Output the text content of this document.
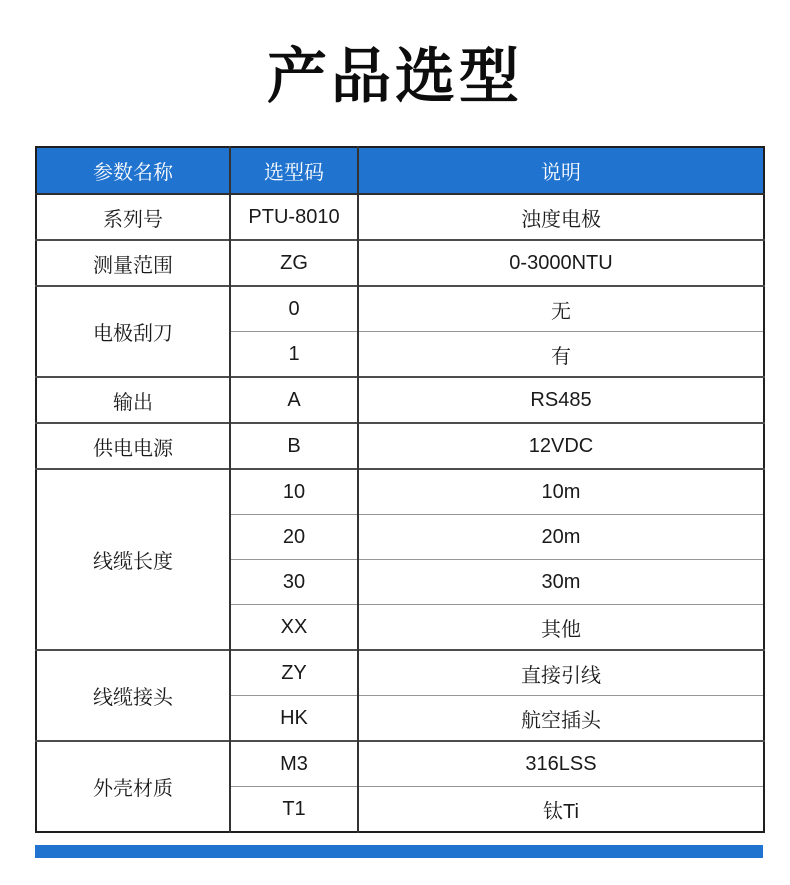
产品选型
参数名称	选型码	说明
系列号	PTU-8010	浊度电极
测量范围	ZG	0-3000NTU
电极刮刀	0	无
	1	有
输出	A	RS485
供电电源	B	12VDC
线缆长度	10	10m
	20	20m
	30	30m
	XX	其他
线缆接头	ZY	直接引线
	HK	航空插头
外壳材质	M3	316LSS
	T1	钛Ti
